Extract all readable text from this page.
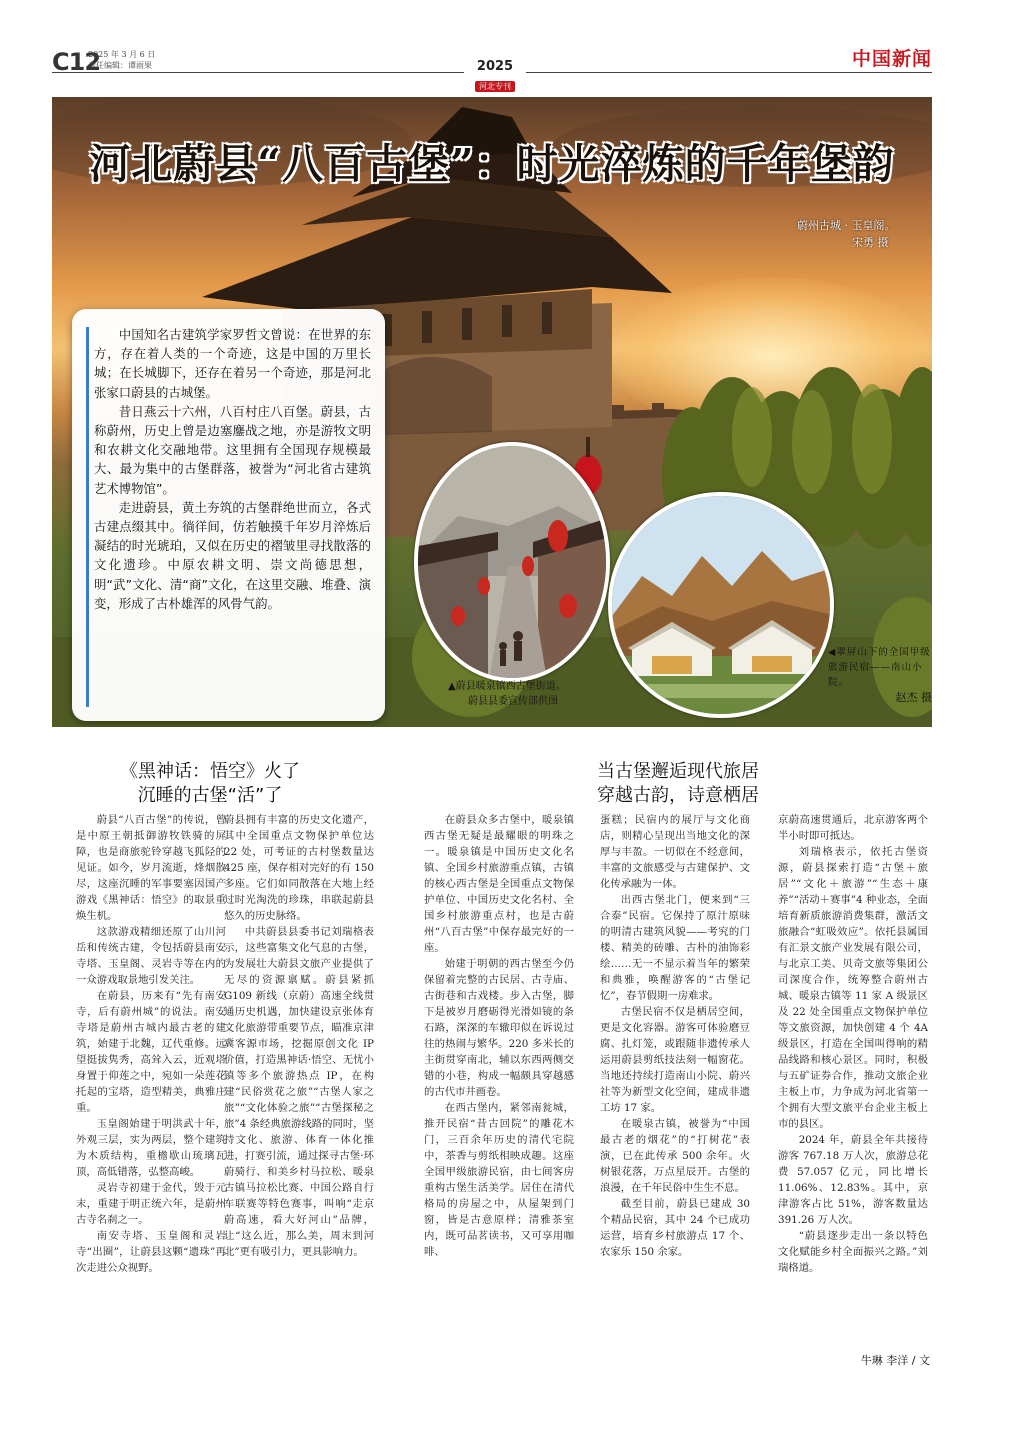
C12
2025 年 3 月 6 日
责任编辑：谭雨果	2025
河北专刊
中国新闻
河北蔚县“八百古堡”：时光淬炼的千年堡韵
蔚州古城 · 玉皇阁。
宋勇 摄

中国知名古建筑学家罗哲文曾说：在世界的东方，存在着人类的一个奇迹，这是中国的万里长城；在长城脚下，还存在着另一个奇迹，那是河北张家口蔚县的古城堡。

昔日燕云十六州，八百村庄八百堡。蔚县，古称蔚州，历史上曾是边塞鏖战之地，亦是游牧文明和农耕文化交融地带。这里拥有全国现存规模最大、最为集中的古堡群落，被誉为“河北省古建筑艺术博物馆”。

走进蔚县，黄土夯筑的古堡群绝世而立，各式古建点缀其中。徜徉间，仿若触摸千年岁月淬炼后凝结的时光琥珀，又似在历史的褶皱里寻找散落的文化遗珍。中原农耕文明、崇文尚德思想，明“武”文化、清“商”文化，在这里交融、堆叠、演变，形成了古朴雄浑的风骨气韵。

▲蔚县暖泉镇西古堡街道。
蔚县县委宣传部供图
◀翠屏山下的全国甲级旅游民宿——南山小院。
赵杰 摄
《黑神话：悟空》火了
沉睡的古堡“活”了

蔚县“八百古堡”的传说，曾是中原王朝抵御游牧铁骑的屏障，也是商旅驼铃穿越飞狐陉的见证。如今，岁月流逝，烽烟散尽，这座沉睡的军事要塞因国产游戏《黑神话：悟空》的取景重焕生机。

这款游戏精细还原了山川河岳和传统古建，令包括蔚县南安寺塔、玉皇阁、灵岩寺等在内的一众游戏取景地引发关注。

在蔚县，历来有“先有南安寺，后有蔚州城”的说法。南安寺塔是蔚州古城内最古老的建筑，始建于北魏，辽代重修。远望挺拔隽秀，高耸入云，近观塔身置于仰莲之中，宛如一朵莲花托起的宝塔，造型精美，典雅庄重。

玉皇阁始建于明洪武十年，外观三层，实为两层，整个建筑为木质结构，重檐歇山琉璃瓦顶，高低错落，弘整高峻。

灵岩寺初建于金代，毁于元末，重建于明正统六年，是蔚州古寺名刹之一。

南安寺塔、玉皇阁和灵岩寺“出圈”，让蔚县这颗“遗珠”再次走进公众视野。

蔚县拥有丰富的历史文化遗产，其中全国重点文物保护单位达 22 处，可考证的古村堡数量达 425 座，保存相对完好的有 150 多座。它们如同散落在大地上经过时光淘洗的珍珠，串联起蔚县悠久的历史脉络。

中共蔚县县委书记刘瑞格表示，这些富集文化气息的古堡，为发展壮大蔚县文旅产业提供了无尽的资源禀赋。蔚县紧抓 G109 新线（京蔚）高速全线贯通历史机遇，加快建设京张体育文化旅游带重要节点，瞄准京津冀客源市场，挖掘原创文化 IP 价值，打造黑神话·悟空、无忧小镇等多个旅游热点 IP，在构建“民俗赏花之旅”“古堡人家之旅”“文化体验之旅”“古堡探秘之旅”4 条经典旅游线路的同时，坚持文化、旅游、体育一体化推进，打赛引流，通过探寻古堡·环蔚骑行、和美乡村马拉松、暖泉古镇马拉松比赛、中国公路自行车联赛等特色赛事，叫响“走京蔚高速，看大好河山”品牌，让“这么近，那么美，周末到河北”更有吸引力，更具影响力。

当古堡邂逅现代旅居
穿越古韵，诗意栖居

在蔚县众多古堡中，暖泉镇西古堡无疑是最耀眼的明珠之一。暖泉镇是中国历史文化名镇、全国乡村旅游重点镇，古镇的核心西古堡是全国重点文物保护单位、中国历史文化名村、全国乡村旅游重点村，也是古蔚州“八百古堡”中保存最完好的一座。

始建于明朝的西古堡至今仍保留着完整的古民居、古寺庙、古街巷和古戏楼。步入古堡，脚下是被岁月磨砺得光滑如镜的条石路，深深的车辙印似在诉说过往的热闹与繁华。220 多米长的主街贯穿南北，辅以东西两侧交错的小巷，构成一幅颇具穿越感的古代市井画卷。

在西古堡内，紧邻南瓮城，推开民宿“昔古回院”的雕花木门，三百余年历史的清代宅院中，茶香与剪纸相映成趣。这座全国甲级旅游民宿，由七间客房重构古堡生活美学。居住在清代格局的房屋之中，从屋架到门窗，皆是古意原样；清雅茶室内，既可品茗读书，又可享用咖啡、

蛋糕；民宿内的展厅与文化商店，则精心呈现出当地文化的深厚与丰盈。一切似在不经意间，丰富的文旅感受与古建保护、文化传承融为一体。

出西古堡北门，便来到“三合泰”民宿。它保持了原汁原味的明清古建筑风貌——考究的门楼、精美的砖雕、古朴的油饰彩绘……无一不显示着当年的繁荣和典雅，唤醒游客的“古堡记忆”，春节假期一房难求。

古堡民宿不仅是栖居空间，更是文化容器。游客可体验磨豆腐、扎灯笼，或跟随非遗传承人运用蔚县剪纸技法刻一幅窗花。当地还持续打造南山小院、蔚兴社等为新型文化空间，建成非遗工坊 17 家。

在暖泉古镇，被誉为“中国最古老的烟花”的“打树花”表演，已在此传承 500 余年。火树银花落，万点星辰开。古堡的浪漫，在千年民俗中生生不息。

截至目前，蔚县已建成 30 个精品民宿，其中 24 个已成功运营，培育乡村旅游点 17 个、农家乐 150 余家。

京蔚高速贯通后，北京游客两个半小时即可抵达。

刘瑞格表示，依托古堡资源，蔚县探索打造“古堡＋旅居”“文化＋旅游”“生态＋康养”“活动＋赛事”4 种业态，全面培育新质旅游消费集群，激活文旅融合“虹吸效应”。依托县属国有汇景文旅产业发展有限公司，与北京工美、贝奇文旅等集团公司深度合作，统筹整合蔚州古城、暖泉古镇等 11 家 A 级景区及 22 处全国重点文物保护单位等文旅资源，加快创建 4 个 4A 级景区，打造在全国叫得响的精品线路和核心景区。同时，积极与五矿证券合作，推动文旅企业主板上市，力争成为河北省第一个拥有大型文旅平台企业主板上市的县区。

2024 年，蔚县全年共接待游客 767.18 万人次，旅游总花费 57.057 亿元，同比增长 11.06%、12.83%。其中，京津游客占比 51%，游客数量达 391.26 万人次。

“蔚县逐步走出一条以特色文化赋能乡村全面振兴之路。”刘瑞格道。

牛琳 李洋 / 文
